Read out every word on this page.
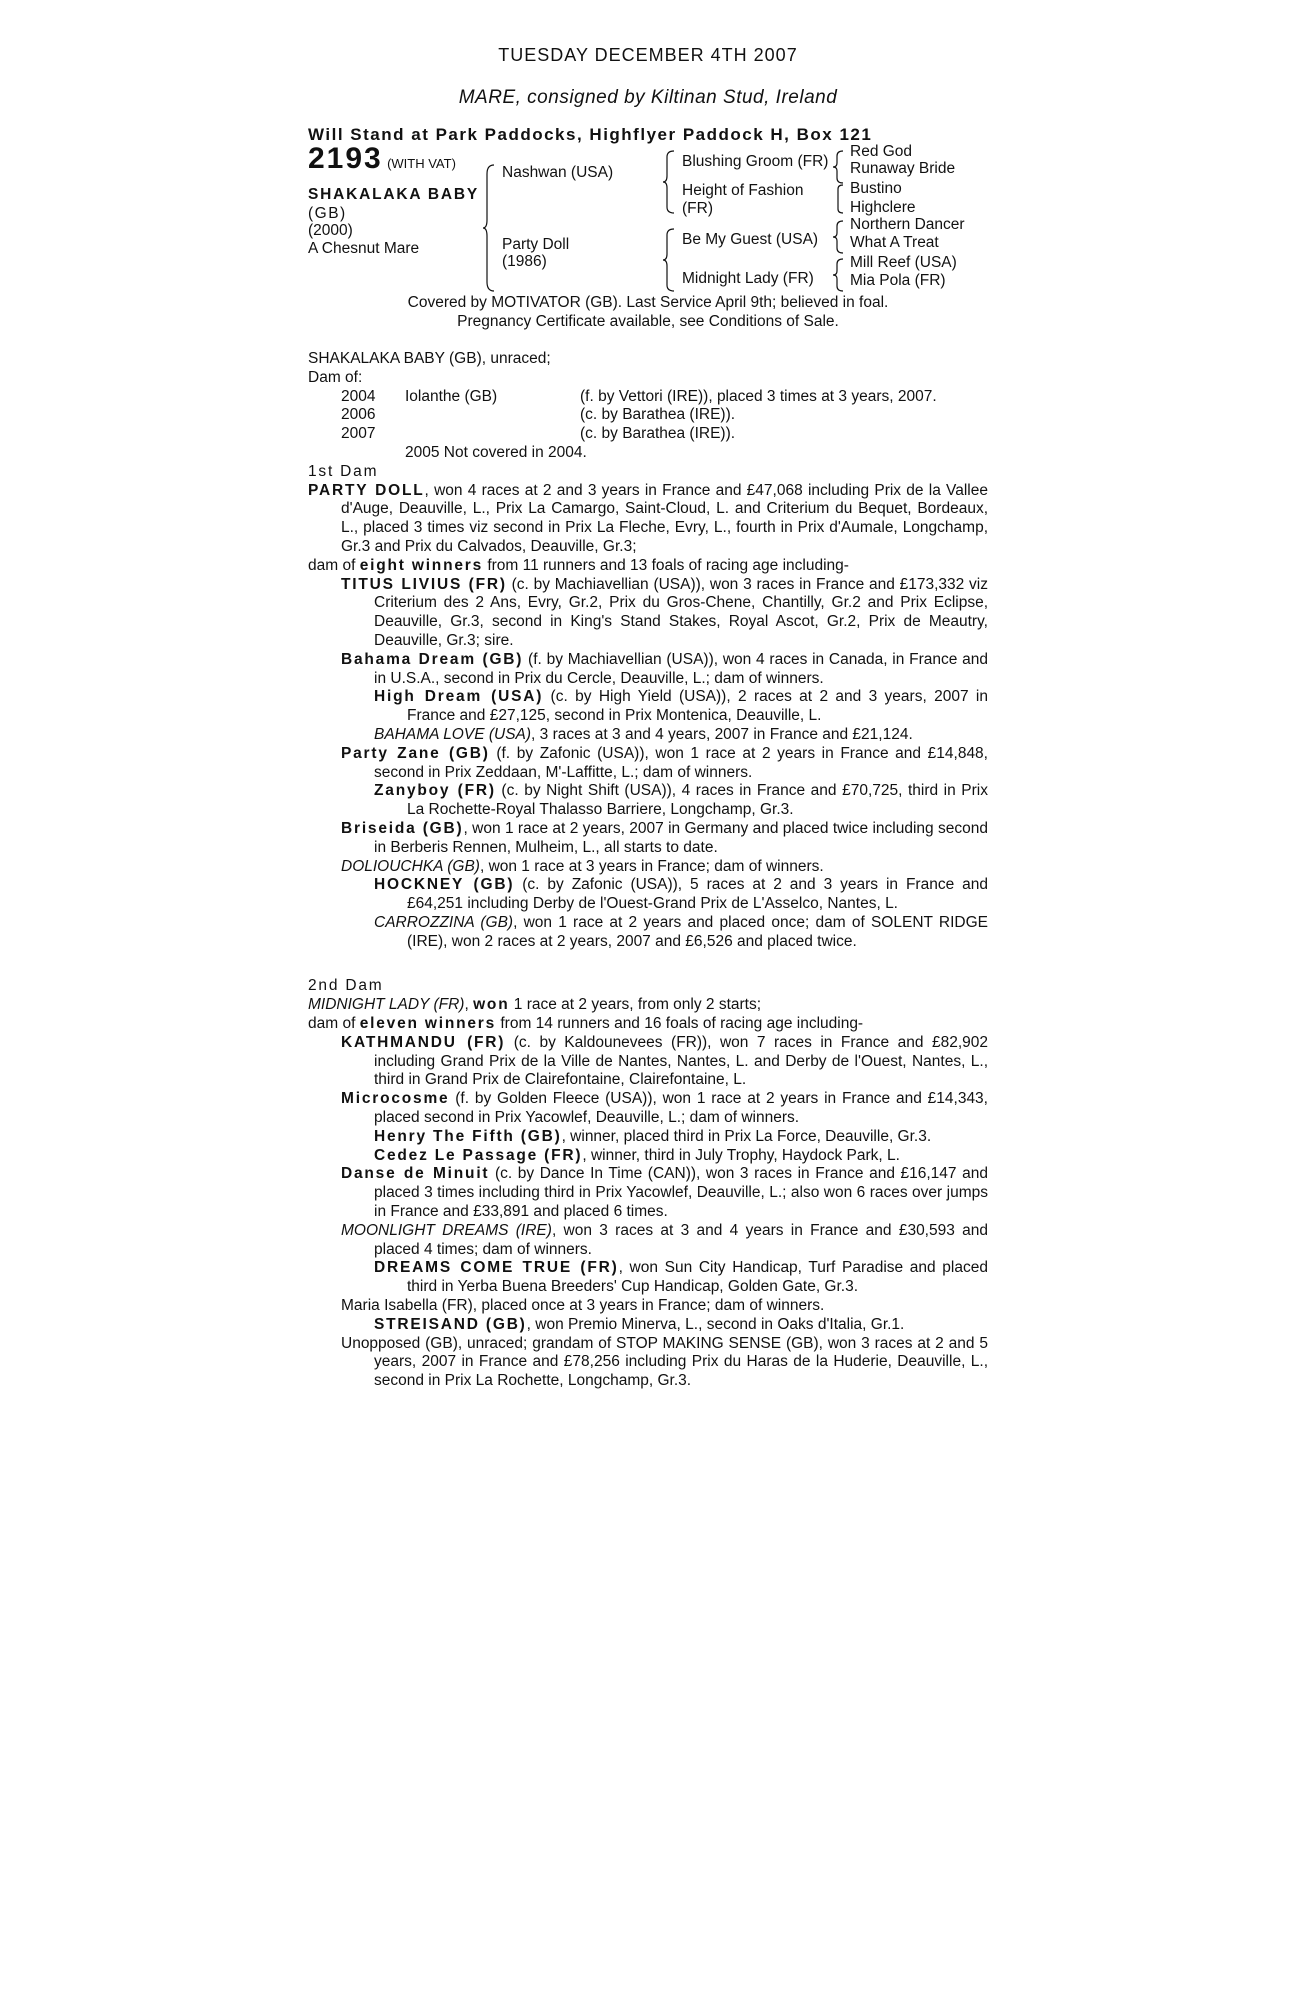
TUESDAY DECEMBER 4TH 2007
MARE, consigned by Kiltinan Stud, Ireland
Will Stand at Park Paddocks, Highflyer Paddock H, Box 121
2193 (WITH VAT)
SHAKALAKA BABY
(GB)
(2000)
A Chesnut Mare
Nashwan (USA)
Party Doll
(1986)
Blushing Groom (FR)
Height of Fashion
(FR)
Be My Guest (USA)
Midnight Lady (FR)
Red God
Runaway Bride
Bustino
Highclere
Northern Dancer
What A Treat
Mill Reef (USA)
Mia Pola (FR)
Covered by MOTIVATOR (GB). Last Service April 9th; believed in foal.
Pregnancy Certificate available, see Conditions of Sale.

SHAKALAKA BABY (GB), unraced;

Dam of:

2004	Iolanthe (GB)	(f. by Vettori (IRE)), placed 3 times at 3 years, 2007.
2006		(c. by Barathea (IRE)).
2007		(c. by Barathea (IRE)).

2005 Not covered in 2004.

1st Dam

PARTY DOLL, won 4 races at 2 and 3 years in France and £47,068 including Prix de la Vallee d'Auge, Deauville, L., Prix La Camargo, Saint-Cloud, L. and Criterium du Bequet, Bordeaux, L., placed 3 times viz second in Prix La Fleche, Evry, L., fourth in Prix d'Aumale, Longchamp, Gr.3 and Prix du Calvados, Deauville, Gr.3;

dam of eight winners from 11 runners and 13 foals of racing age including-

TITUS LIVIUS (FR) (c. by Machiavellian (USA)), won 3 races in France and £173,332 viz Criterium des 2 Ans, Evry, Gr.2, Prix du Gros-Chene, Chantilly, Gr.2 and Prix Eclipse, Deauville, Gr.3, second in King's Stand Stakes, Royal Ascot, Gr.2, Prix de Meautry, Deauville, Gr.3; sire.

Bahama Dream (GB) (f. by Machiavellian (USA)), won 4 races in Canada, in France and in U.S.A., second in Prix du Cercle, Deauville, L.; dam of winners.

High Dream (USA) (c. by High Yield (USA)), 2 races at 2 and 3 years, 2007 in France and £27,125, second in Prix Montenica, Deauville, L.

BAHAMA LOVE (USA), 3 races at 3 and 4 years, 2007 in France and £21,124.

Party Zane (GB) (f. by Zafonic (USA)), won 1 race at 2 years in France and £14,848, second in Prix Zeddaan, M'-Laffitte, L.; dam of winners.

Zanyboy (FR) (c. by Night Shift (USA)), 4 races in France and £70,725, third in Prix La Rochette-Royal Thalasso Barriere, Longchamp, Gr.3.

Briseida (GB), won 1 race at 2 years, 2007 in Germany and placed twice including second in Berberis Rennen, Mulheim, L., all starts to date.

DOLIOUCHKA (GB), won 1 race at 3 years in France; dam of winners.

HOCKNEY (GB) (c. by Zafonic (USA)), 5 races at 2 and 3 years in France and £64,251 including Derby de l'Ouest-Grand Prix de L'Asselco, Nantes, L.

CARROZZINA (GB), won 1 race at 2 years and placed once; dam of SOLENT RIDGE (IRE), won 2 races at 2 years, 2007 and £6,526 and placed twice.

2nd Dam

MIDNIGHT LADY (FR), won 1 race at 2 years, from only 2 starts;

dam of eleven winners from 14 runners and 16 foals of racing age including-

KATHMANDU (FR) (c. by Kaldounevees (FR)), won 7 races in France and £82,902 including Grand Prix de la Ville de Nantes, Nantes, L. and Derby de l'Ouest, Nantes, L., third in Grand Prix de Clairefontaine, Clairefontaine, L.

Microcosme (f. by Golden Fleece (USA)), won 1 race at 2 years in France and £14,343, placed second in Prix Yacowlef, Deauville, L.; dam of winners.

Henry The Fifth (GB), winner, placed third in Prix La Force, Deauville, Gr.3.

Cedez Le Passage (FR), winner, third in July Trophy, Haydock Park, L.

Danse de Minuit (c. by Dance In Time (CAN)), won 3 races in France and £16,147 and placed 3 times including third in Prix Yacowlef, Deauville, L.; also won 6 races over jumps in France and £33,891 and placed 6 times.

MOONLIGHT DREAMS (IRE), won 3 races at 3 and 4 years in France and £30,593 and placed 4 times; dam of winners.

DREAMS COME TRUE (FR), won Sun City Handicap, Turf Paradise and placed third in Yerba Buena Breeders' Cup Handicap, Golden Gate, Gr.3.

Maria Isabella (FR), placed once at 3 years in France; dam of winners.

STREISAND (GB), won Premio Minerva, L., second in Oaks d'Italia, Gr.1.

Unopposed (GB), unraced; grandam of STOP MAKING SENSE (GB), won 3 races at 2 and 5 years, 2007 in France and £78,256 including Prix du Haras de la Huderie, Deauville, L., second in Prix La Rochette, Longchamp, Gr.3.
